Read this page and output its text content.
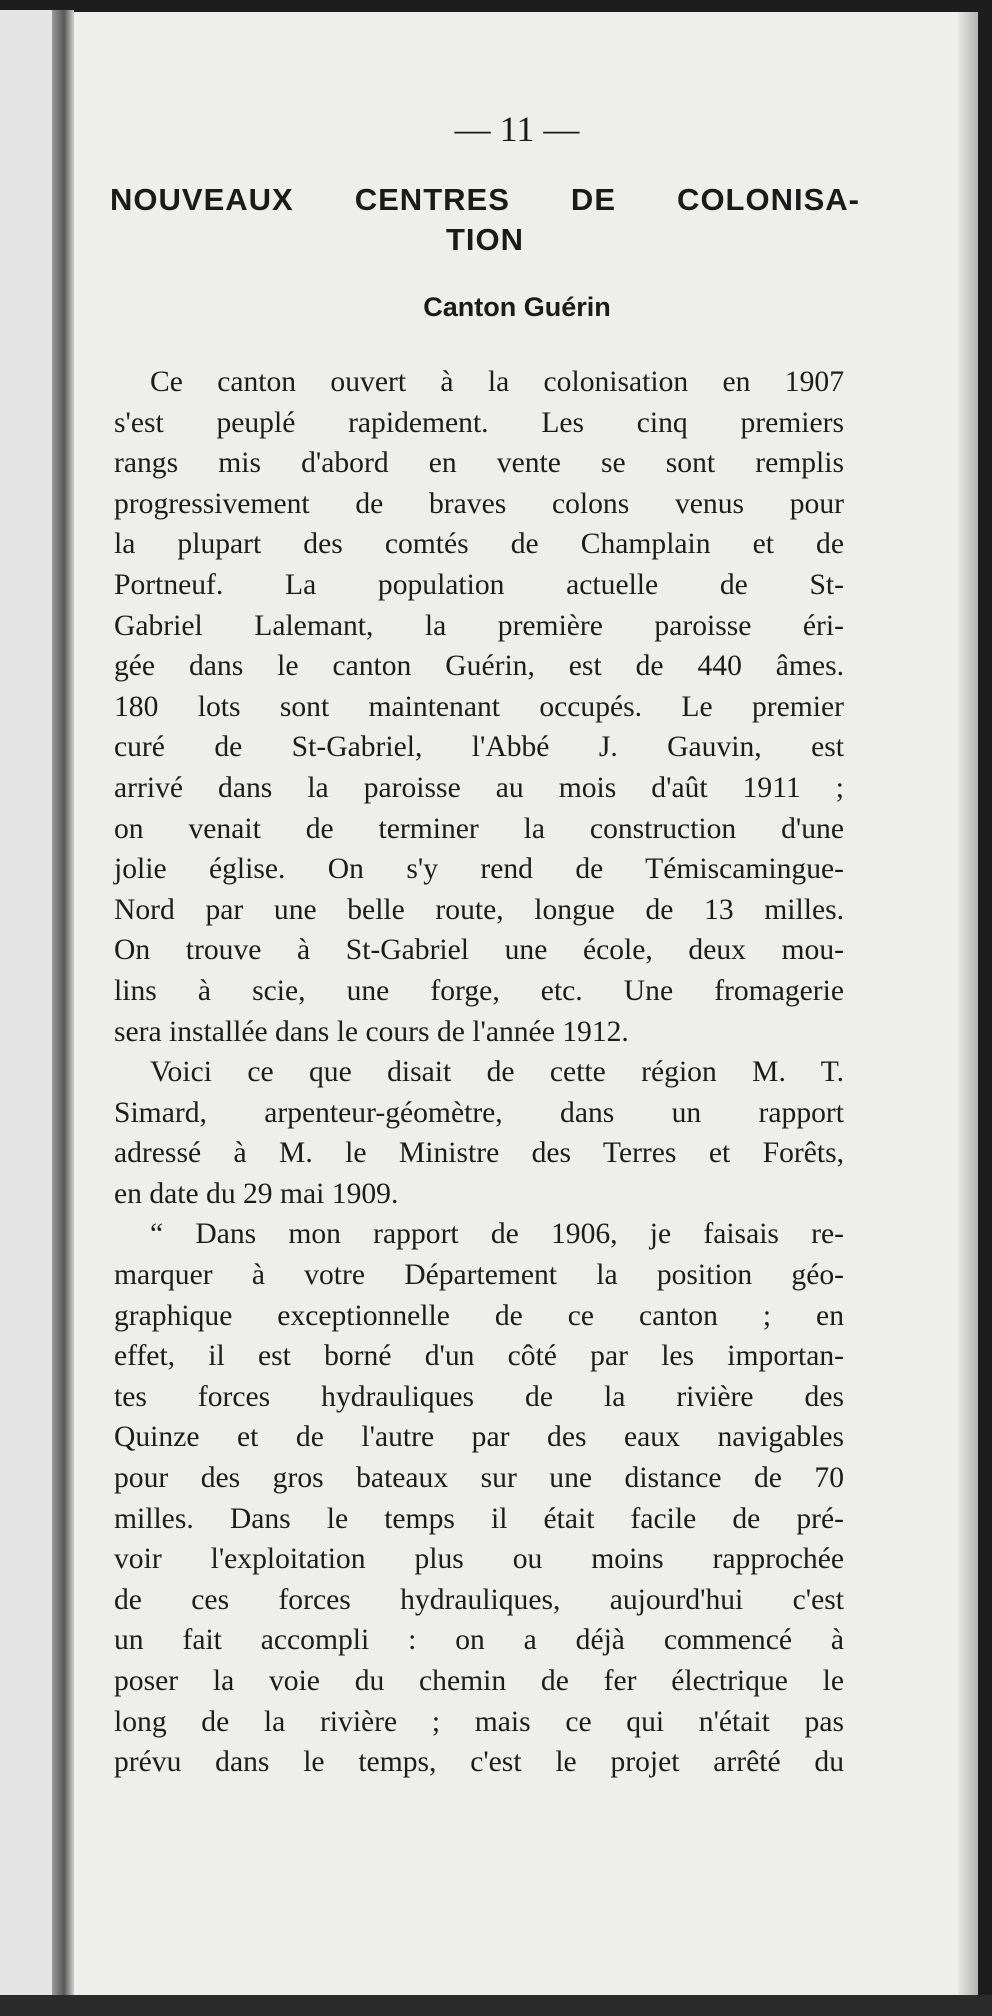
— 11 —
NOUVEAUX CENTRES DE COLONISA-
TION
Canton Guérin
Ce canton ouvert à la colonisation en 1907
s'est peuplé rapidement. Les cinq premiers
rangs mis d'abord en vente se sont remplis
progressivement de braves colons venus pour
la plupart des comtés de Champlain et de
Portneuf. La population actuelle de St-
Gabriel Lalemant, la première paroisse éri-
gée dans le canton Guérin, est de 440 âmes.
180 lots sont maintenant occupés. Le premier
curé de St-Gabriel, l'Abbé J. Gauvin, est
arrivé dans la paroisse au mois d'aût 1911 ;
on venait de terminer la construction d'une
jolie église. On s'y rend de Témiscamingue-
Nord par une belle route, longue de 13 milles.
On trouve à St-Gabriel une école, deux mou-
lins à scie, une forge, etc. Une fromagerie
sera installée dans le cours de l'année 1912.
Voici ce que disait de cette région M. T.
Simard, arpenteur-géomètre, dans un rapport
adressé à M. le Ministre des Terres et Forêts,
en date du 29 mai 1909.
“ Dans mon rapport de 1906, je faisais re-
marquer à votre Département la position géo-
graphique exceptionnelle de ce canton ; en
effet, il est borné d'un côté par les importan-
tes forces hydrauliques de la rivière des
Quinze et de l'autre par des eaux navigables
pour des gros bateaux sur une distance de 70
milles. Dans le temps il était facile de pré-
voir l'exploitation plus ou moins rapprochée
de ces forces hydrauliques, aujourd'hui c'est
un fait accompli : on a déjà commencé à
poser la voie du chemin de fer électrique le
long de la rivière ; mais ce qui n'était pas
prévu dans le temps, c'est le projet arrêté du
